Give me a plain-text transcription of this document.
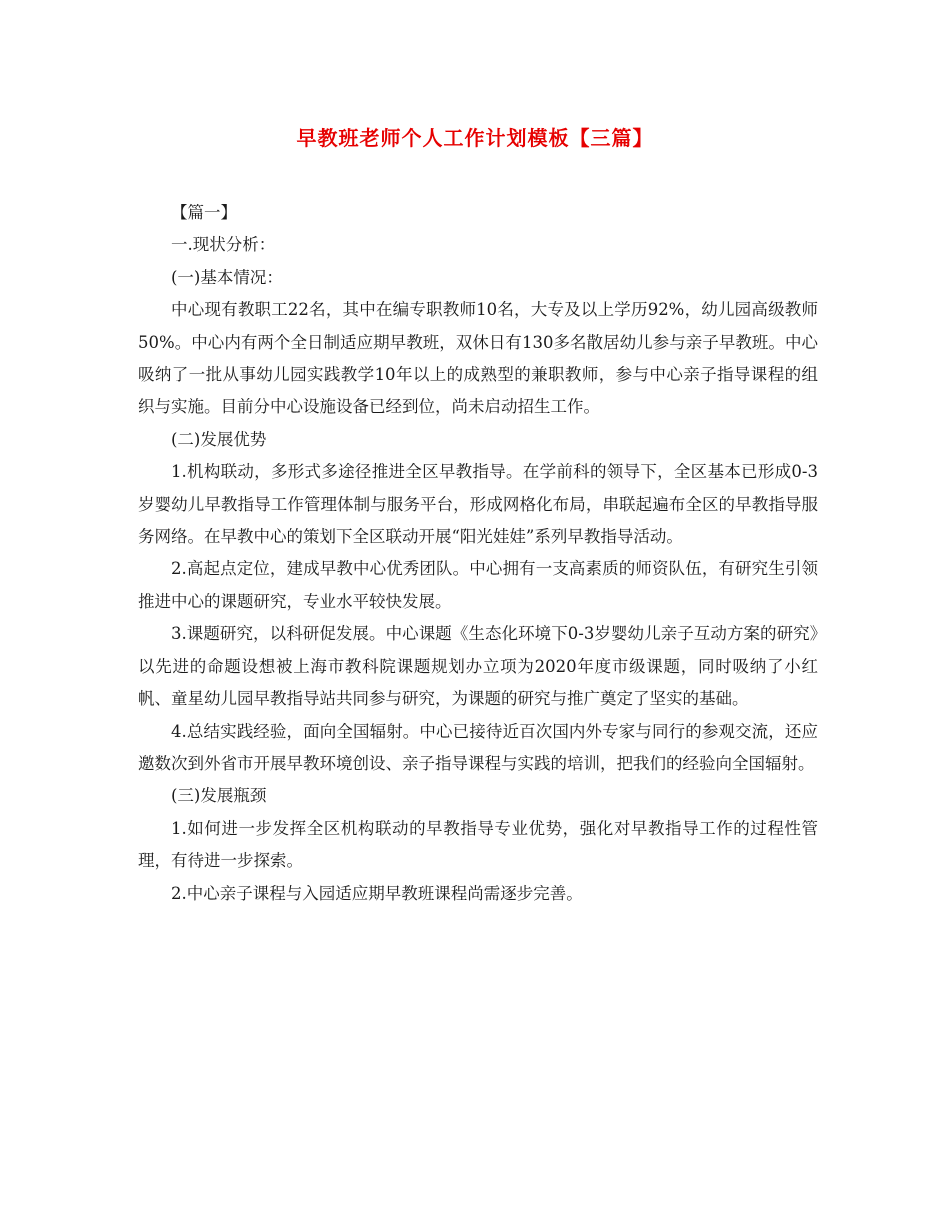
早教班老师个人工作计划模板【三篇】

【篇一】

一.现状分析：

(一)基本情况：

中心现有教职工22名，其中在编专职教师10名，大专及以上学历92%，幼儿园高级教师50%。中心内有两个全日制适应期早教班，双休日有130多名散居幼儿参与亲子早教班。中心吸纳了一批从事幼儿园实践教学10年以上的成熟型的兼职教师，参与中心亲子指导课程的组织与实施。目前分中心设施设备已经到位，尚未启动招生工作。

(二)发展优势

1.机构联动，多形式多途径推进全区早教指导。在学前科的领导下，全区基本已形成0-3岁婴幼儿早教指导工作管理体制与服务平台，形成网格化布局，串联起遍布全区的早教指导服务网络。在早教中心的策划下全区联动开展“阳光娃娃”系列早教指导活动。

2.高起点定位，建成早教中心优秀团队。中心拥有一支高素质的师资队伍，有研究生引领推进中心的课题研究，专业水平较快发展。

3.课题研究，以科研促发展。中心课题《生态化环境下0-3岁婴幼儿亲子互动方案的研究》以先进的命题设想被上海市教科院课题规划办立项为2020年度市级课题，同时吸纳了小红帆、童星幼儿园早教指导站共同参与研究，为课题的研究与推广奠定了坚实的基础。

4.总结实践经验，面向全国辐射。中心已接待近百次国内外专家与同行的参观交流，还应邀数次到外省市开展早教环境创设、亲子指导课程与实践的培训，把我们的经验向全国辐射。

(三)发展瓶颈

1.如何进一步发挥全区机构联动的早教指导专业优势，强化对早教指导工作的过程性管理，有待进一步探索。

2.中心亲子课程与入园适应期早教班课程尚需逐步完善。
